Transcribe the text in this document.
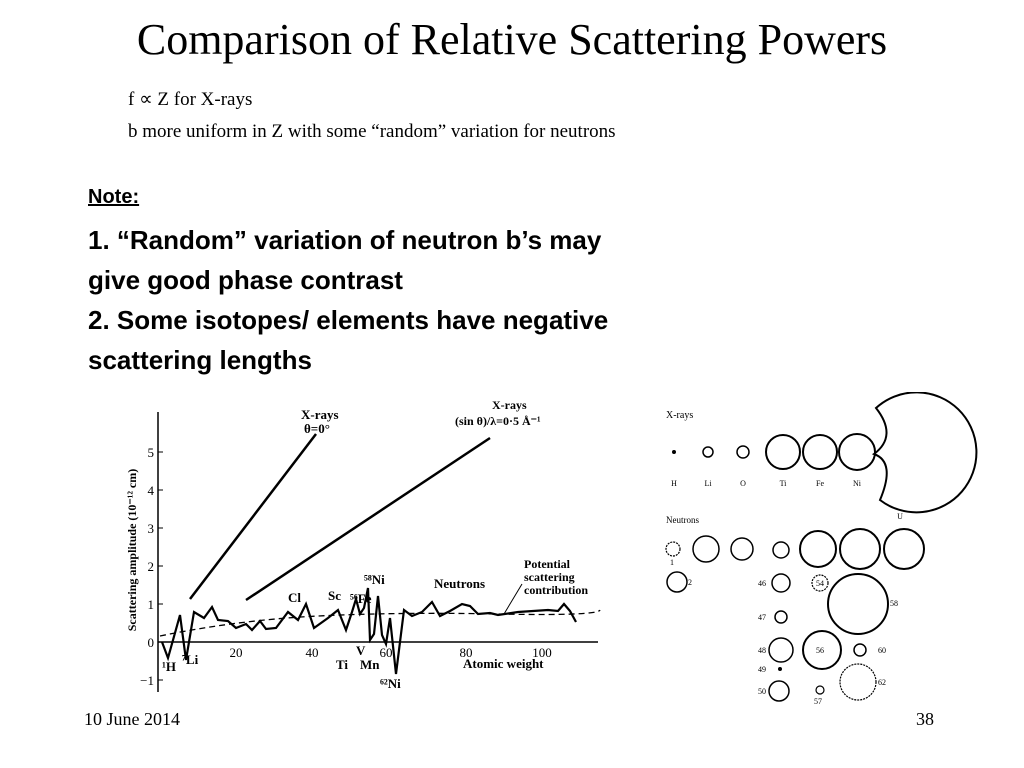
Comparison of Relative Scattering Powers
f ∝ Z for X-rays
b more uniform in Z with some “random” variation for neutrons
Note:
1. “Random” variation of neutron b’s may
give good phase contrast
2. Some isotopes/ elements have negative
scattering lengths
5
4
3
2
1
0
−1
20	40	60	80	100
Scattering amplitude (10⁻¹² cm)
Atomic weight
X-rays
θ=0°
X-rays
(sin θ)/λ=0·5 Å⁻¹
Neutrons
Potential
scattering
contribution
¹H ⁷Li
Cl Sc ⁵⁶Fe
⁵⁸Ni
Ti
V
Mn
⁶²Ni
X-rays
H	Li	O	Ti	Fe	Ni
U
Neutrons
1
2	46	54
47
58
48	56	60
49
62
50
57
10 June 2014	38
